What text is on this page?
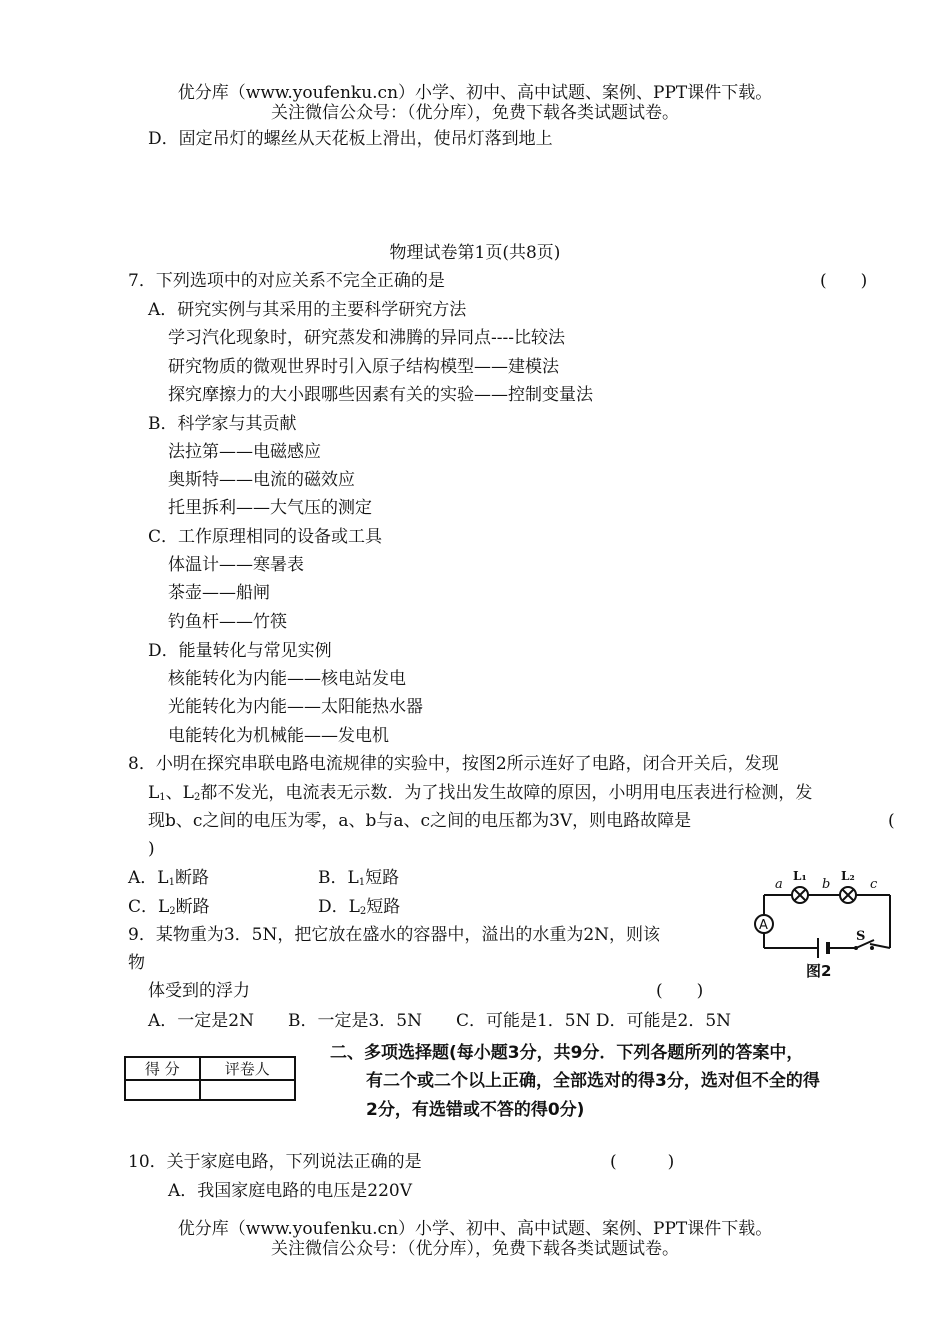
优分库（www.youfenku.cn）小学、初中、高中试题、案例、PPT课件下载。
关注微信公众号：（优分库），免费下载各类试题试卷。
D．固定吊灯的螺丝从天花板上滑出，使吊灯落到地上
物理试卷第1页(共8页)
7．下列选项中的对应关系不完全正确的是	(　　)
A．研究实例与其采用的主要科学研究方法
学习汽化现象时，研究蒸发和沸腾的异同点----比较法
研究物质的微观世界时引入原子结构模型——建模法
探究摩擦力的大小跟哪些因素有关的实验——控制变量法
B．科学家与其贡献
法拉第——电磁感应
奥斯特——电流的磁效应
托里拆利——大气压的测定
C．工作原理相同的设备或工具
体温计——寒暑表
茶壶——船闸
钓鱼杆——竹筷
D．能量转化与常见实例
核能转化为内能——核电站发电
光能转化为内能——太阳能热水器
电能转化为机械能——发电机
8．小明在探究串联电路电流规律的实验中，按图2所示连好了电路，闭合开关后，发现
$L_1$、$L_2$都不发光，电流表无示数．为了找出发生故障的原因，小明用电压表进行检测，发
现b、c之间的电压为零，a、b与a、c之间的电压都为3V，则电路故障是	(
)
A．$L_1$断路	B．$L_1$短路
C．$L_2$断路	D．$L_2$短路
a	b	c
L₁	L₂
A
S
图2
9．某物重为3．5N，把它放在盛水的容器中，溢出的水重为2N，则该
物
体受到的浮力	(　　)
A．一定是2N　　B．一定是3．5N　　C．可能是1．5N D．可能是2．5N
得 分	评卷人

二、多项选择题(每小题3分，共9分．下列各题所列的答案中，
有二个或二个以上正确，全部选对的得3分，选对但不全的得
2分，有选错或不答的得0分)
10．关于家庭电路，下列说法正确的是	(　　　)
A．我国家庭电路的电压是220V
优分库（www.youfenku.cn）小学、初中、高中试题、案例、PPT课件下载。
关注微信公众号：（优分库），免费下载各类试题试卷。
